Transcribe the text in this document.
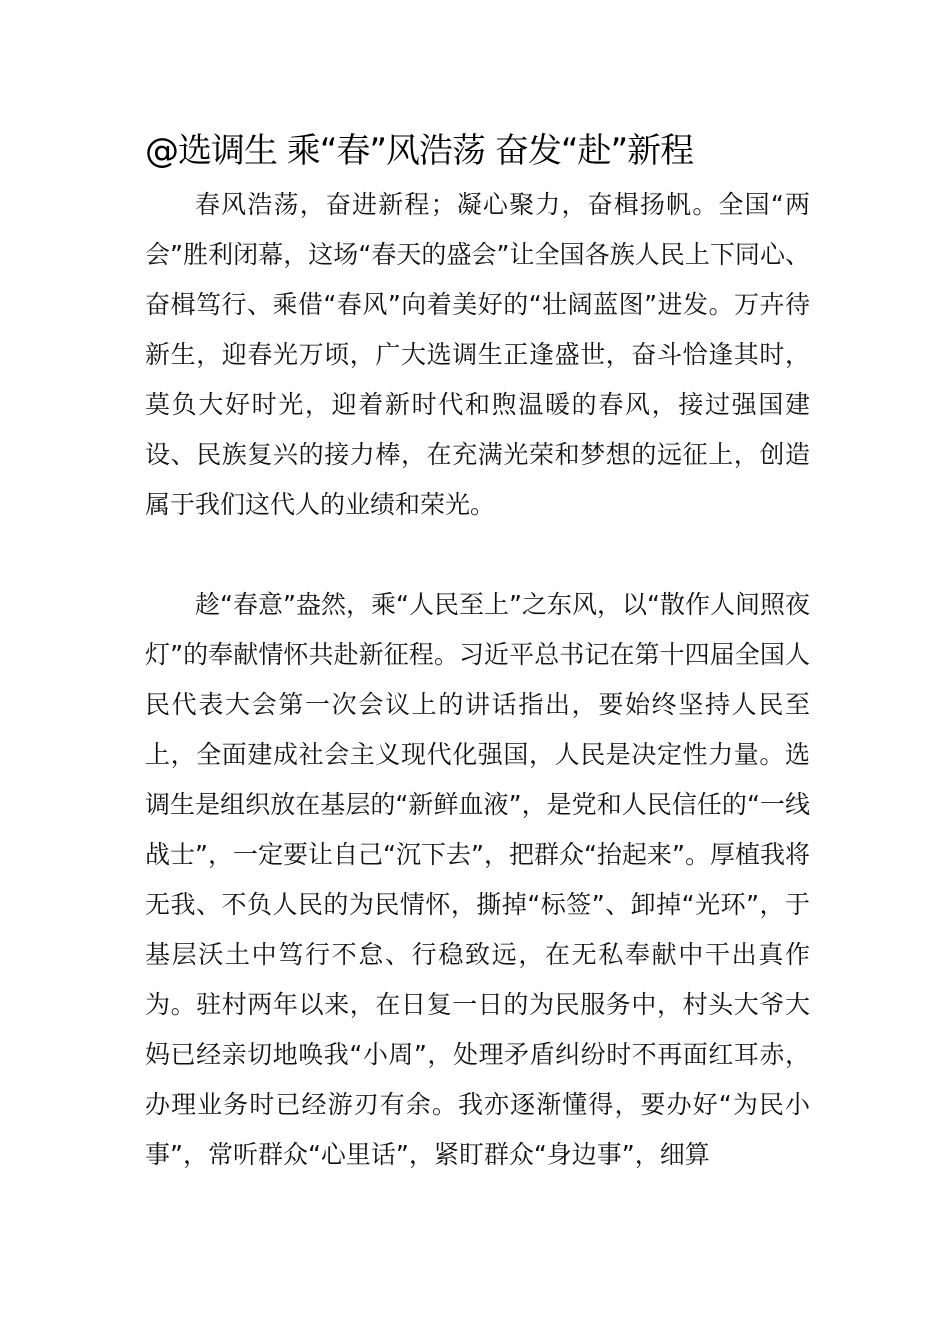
@选调生 乘“春”风浩荡 奋发“赴”新程

春风浩荡，奋进新程；凝心聚力，奋楫扬帆。全国“两会”胜利闭幕，这场“春天的盛会”让全国各族人民上下同心、奋楫笃行、乘借“春风”向着美好的“壮阔蓝图”进发。万卉待新生，迎春光万顷，广大选调生正逢盛世，奋斗恰逢其时，莫负大好时光，迎着新时代和煦温暖的春风，接过强国建设、民族复兴的接力棒，在充满光荣和梦想的远征上，创造属于我们这代人的业绩和荣光。

趁“春意”盎然，乘“人民至上”之东风，以“散作人间照夜灯”的奉献情怀共赴新征程。习近平总书记在第十四届全国人民代表大会第一次会议上的讲话指出，要始终坚持人民至上，全面建成社会主义现代化强国，人民是决定性力量。选调生是组织放在基层的“新鲜血液”，是党和人民信任的“一线战士”，一定要让自己“沉下去”，把群众“抬起来”。厚植我将无我、不负人民的为民情怀，撕掉“标签”、卸掉“光环”，于基层沃土中笃行不怠、行稳致远，在无私奉献中干出真作为。驻村两年以来，在日复一日的为民服务中，村头大爷大妈已经亲切地唤我“小周”，处理矛盾纠纷时不再面红耳赤，办理业务时已经游刃有余。我亦逐渐懂得，要办好“为民小事”，常听群众“心里话”，紧盯群众“身边事”，细算
